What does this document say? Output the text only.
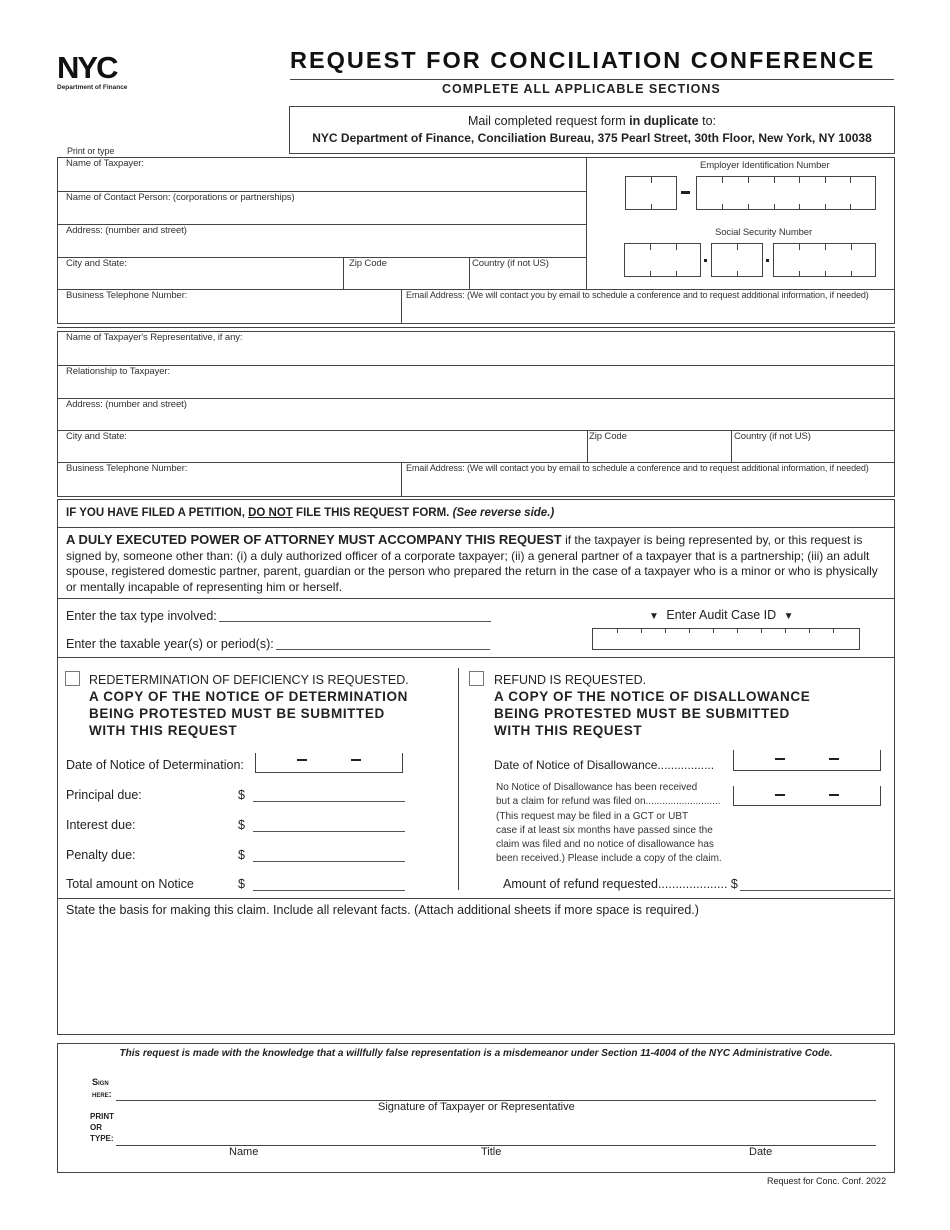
NYC
Department of Finance
REQUEST FOR CONCILIATION CONFERENCE
COMPLETE ALL APPLICABLE SECTIONS
Mail completed request form in duplicate to:
NYC Department of Finance, Conciliation Bureau, 375 Pearl Street, 30th Floor, New York, NY 10038
Print or type
Name of Taxpayer:
Name of Contact Person: (corporations or partnerships)
Address: (number and street)
City and State:	Zip Code	Country (if not US)
Business Telephone Number:	Email Address: (We will contact you by email to schedule a conference and to request additional information, if needed)
Employer Identification Number
Social Security Number
Name of Taxpayer's Representative, if any:
Relationship to Taxpayer:
Address: (number and street)
City and State:	Zip Code	Country (if not US)
Business Telephone Number:	Email Address: (We will contact you by email to schedule a conference and to request additional information, if needed)
IF YOU HAVE FILED A PETITION, DO NOT FILE THIS REQUEST FORM. (See reverse side.)
A DULY EXECUTED POWER OF ATTORNEY MUST ACCOMPANY THIS REQUEST if the taxpayer is being represented by, or this request is signed by, someone other than: (i) a duly authorized officer of a corporate taxpayer; (ii) a general partner of a taxpayer that is a partnership; (iii) an adult spouse, registered domestic partner, parent, guardian or the person who prepared the return in the case of a taxpayer who is a minor or who is physically or mentally incapable of representing him or herself.
Enter the tax type involved:
Enter the taxable year(s) or period(s):
▼ Enter Audit Case ID ▼
REDETERMINATION OF DEFICIENCY IS REQUESTED.
A COPY OF THE NOTICE OF DETERMINATION
BEING PROTESTED MUST BE SUBMITTED
WITH THIS REQUEST
Date of Notice of Determination:
Principal due:	$
Interest due:	$
Penalty due:	$
Total amount on Notice	$
REFUND IS REQUESTED.
A COPY OF THE NOTICE OF DISALLOWANCE
BEING PROTESTED MUST BE SUBMITTED
WITH THIS REQUEST
Date of Notice of Disallowance.................
No Notice of Disallowance has been received
but a claim for refund was filed on...........................
(This request may be filed in a GCT or UBT
case if at least six months have passed since the
claim was filed and no notice of disallowance has
been received.) Please include a copy of the claim.
Amount of refund requested.................... $
State the basis for making this claim. Include all relevant facts. (Attach additional sheets if more space is required.)
This request is made with the knowledge that a willfully false representation is a misdemeanor under Section 11-4004 of the NYC Administrative Code.
Sign
here:
Signature of Taxpayer or Representative
PRINT
OR
TYPE:
Name	Title	Date
Request for Conc. Conf. 2022
